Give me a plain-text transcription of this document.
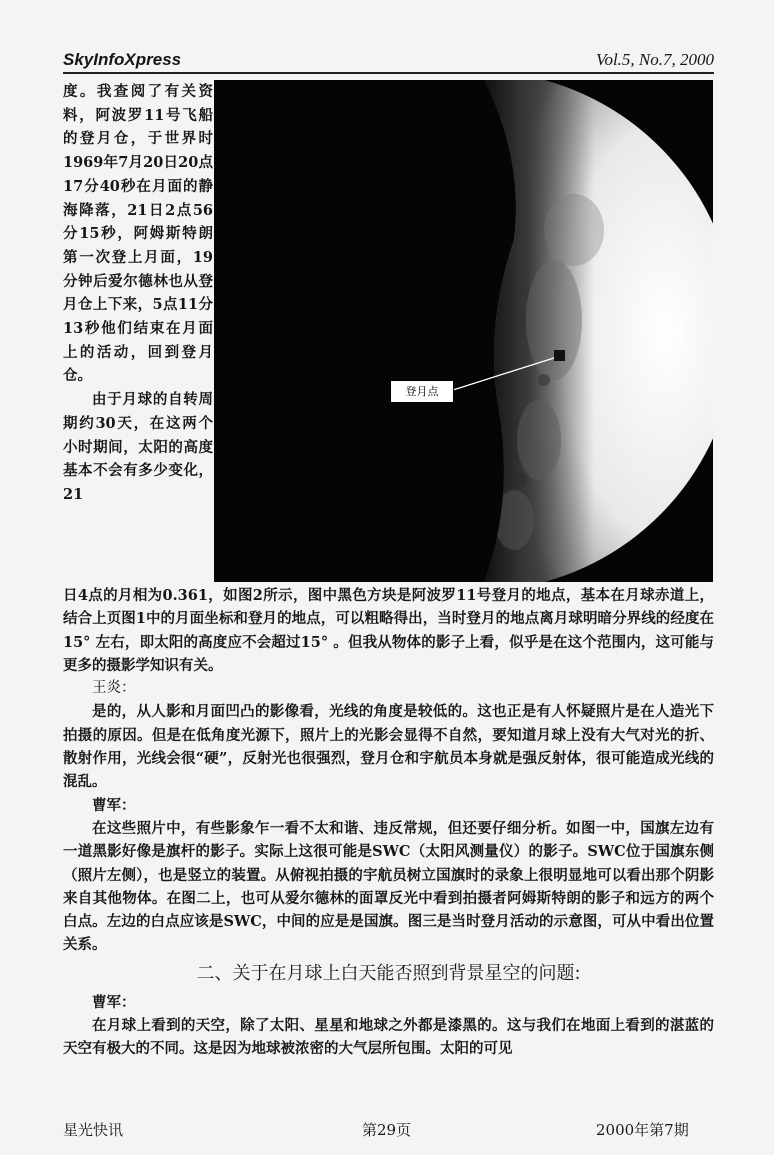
SkyInfoXpress	Vol.5, No.7, 2000

度。我查阅了有关资料，阿波罗11号飞船的登月仓，于世界时1969年7月20日20点17分40秒在月面的静海降落，21日2点56分15秒，阿姆斯特朗第一次登上月面，19分钟后爱尔德林也从登月仓上下来，5点11分13秒他们结束在月面上的活动，回到登月仓。

由于月球的自转周期约30天，在这两个小时期间，太阳的高度基本不会有多少变化，21

登月点

日4点的月相为0.361，如图2所示，图中黑色方块是阿波罗11号登月的地点，基本在月球赤道上，结合上页图1中的月面坐标和登月的地点，可以粗略得出，当时登月的地点离月球明暗分界线的经度在15° 左右，即太阳的高度应不会超过15° 。但我从物体的影子上看，似乎是在这个范围内，这可能与更多的摄影学知识有关。

王炎：

是的，从人影和月面凹凸的影像看，光线的角度是较低的。这也正是有人怀疑照片是在人造光下拍摄的原因。但是在低角度光源下，照片上的光影会显得不自然，要知道月球上没有大气对光的折、散射作用，光线会很“硬”，反射光也很强烈，登月仓和宇航员本身就是强反射体，很可能造成光线的混乱。

曹军：

在这些照片中，有些影象乍一看不太和谐、违反常规，但还要仔细分析。如图一中，国旗左边有一道黑影好像是旗杆的影子。实际上这很可能是SWC（太阳风测量仪）的影子。SWC位于国旗东侧（照片左侧），也是竖立的装置。从俯视拍摄的宇航员树立国旗时的录象上很明显地可以看出那个阴影来自其他物体。在图二上，也可从爱尔德林的面罩反光中看到拍摄者阿姆斯特朗的影子和远方的两个白点。左边的白点应该是SWC，中间的应是是国旗。图三是当时登月活动的示意图，可从中看出位置关系。

二、关于在月球上白天能否照到背景星空的问题:

曹军：

在月球上看到的天空，除了太阳、星星和地球之外都是漆黑的。这与我们在地面上看到的湛蓝的天空有极大的不同。这是因为地球被浓密的大气层所包围。太阳的可见

星光快讯	第29页	2000年第7期
